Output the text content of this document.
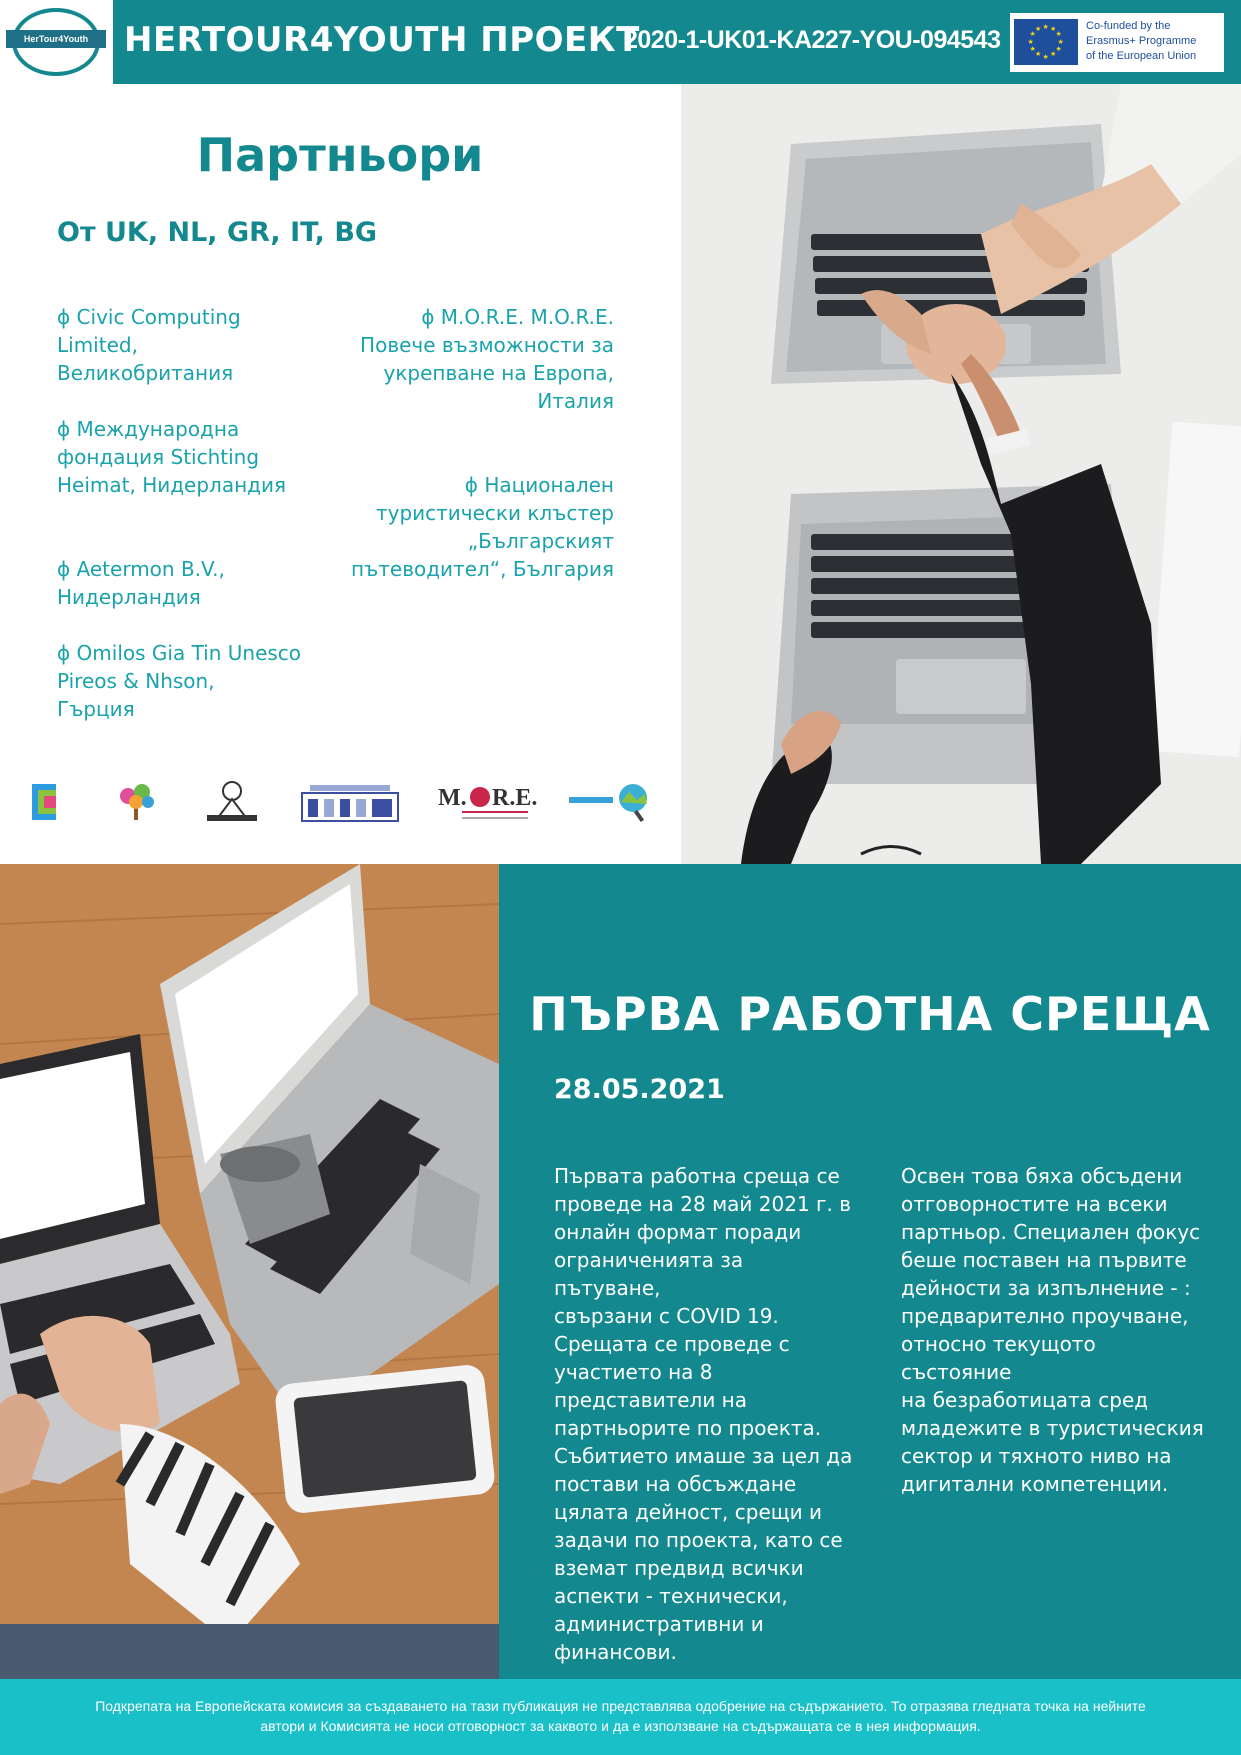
HerTour4Youth	HERTOUR4YOUTH ПРОЕКТ
2020-1-UK01-KA227-YOU-094543	★
★
★
★
★
★
★
★
★ ★ ★
★
Co-funded by the
Erasmus+ Programme
of the European Union
Партньори
От UK, NL, GR, IT, BG
ɸ Civic Computing
Limited,
Великобритания
ɸ Международна
фондация Stichting
Heimat, Нидерландия
ɸ Aetermon B.V.,
Нидерландия
ɸ Omilos Gia Tin Unesco
Pireos & Nhson,
Гърция
ɸ M.O.R.E. M.O.R.E.
Повече възможности за
укрепване на Европа,
Италия
ɸ Национален
туристически клъстер
„Българският
пътеводител“, България
M. R.E.
ПЪРВА РАБОТНА СРЕЩА
28.05.2021
Първата работна среща се
проведе на 28 май 2021 г. в
онлайн формат поради
ограниченията за пътуване,
свързани с COVID 19.
Срещата се проведе с
участието на 8
представители на
партньорите по проекта.
Събитието имаше за цел да
постави на обсъждане
цялата дейност, срещи и
задачи по проекта, като се
вземат предвид всички
аспекти - технически,
административни и
финансови.
Освен това бяха обсъдени
отговорностите на всеки
партньор. Специален фокус
беше поставен на първите
дейности за изпълнение - :
предварително проучване,
относно текущото състояние
на безработицата сред
младежите в туристическия
сектор и тяхното ниво на
дигитални компетенции.
Подкрепата на Европейската комисия за създаването на тази публикация не представлява одобрение на съдържанието. То отразява гледната точка на нейните
автори и Комисията не носи отговорност за каквото и да е използване на съдържащата се в нея информация.
